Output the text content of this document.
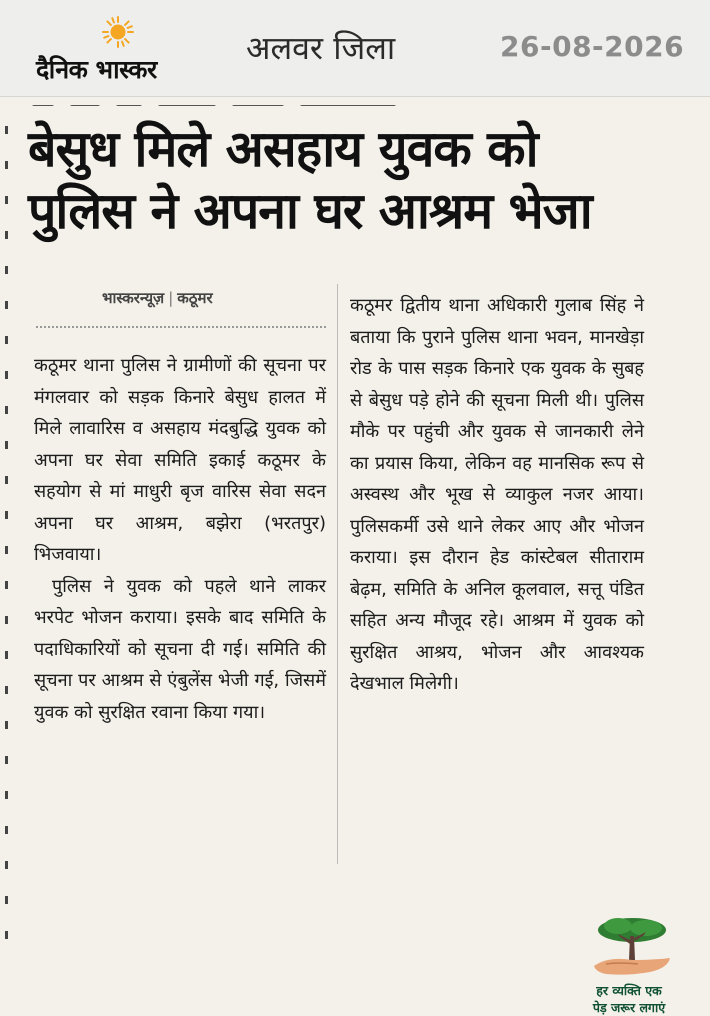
दैनिक भास्कर
अलवर जिला	26-08-2026
बेसुध मिले असहाय युवक को
पुलिस ने अपना घर आश्रम भेजा
भास्करन्यूज़ | कठूमर

कठूमर थाना पुलिस ने ग्रामीणों की सूचना पर मंगलवार को सड़क किनारे बेसुध हालत में मिले लावारिस व असहाय मंदबुद्धि युवक को अपना घर सेवा समिति इकाई कठूमर के सहयोग से मां माधुरी बृज वारिस सेवा सदन अपना घर आश्रम, बझेरा (भरतपुर) भिजवाया।

पुलिस ने युवक को पहले थाने लाकर भरपेट भोजन कराया। इसके बाद समिति के पदाधिकारियों को सूचना दी गई। समिति की सूचना पर आश्रम से एंबुलेंस भेजी गई, जिसमें युवक को सुरक्षित रवाना किया गया।

कठूमर द्वितीय थाना अधिकारी गुलाब सिंह ने बताया कि पुराने पुलिस थाना भवन, मानखेड़ा रोड के पास सड़क किनारे एक युवक के सुबह से बेसुध पड़े होने की सूचना मिली थी। पुलिस मौके पर पहुंची और युवक से जानकारी लेने का प्रयास किया, लेकिन वह मानसिक रूप से अस्वस्थ और भूख से व्याकुल नजर आया। पुलिसकर्मी उसे थाने लेकर आए और भोजन कराया। इस दौरान हेड कांस्टेबल सीताराम बेढ़म, समिति के अनिल कूलवाल, सत्तू पंडित सहित अन्य मौजूद रहे। आश्रम में युवक को सुरक्षित आश्रय, भोजन और आवश्यक देखभाल मिलेगी।

हर व्यक्ति एक
पेड़ जरूर लगाएं
